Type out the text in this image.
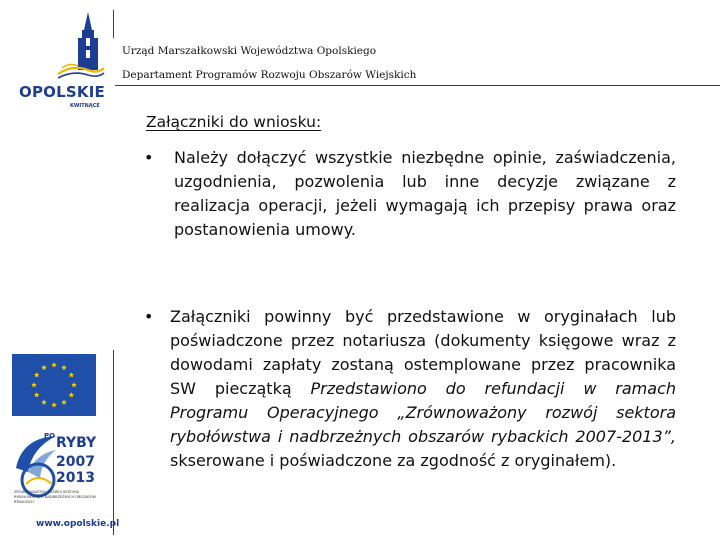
OPOLSKIE
KWITNĄCE
Urząd Marszałkowski Województwa Opolskiego
Departament Programów Rozwoju Obszarów Wiejskich
Załączniki do wniosku:
• Należy dołączyć wszystkie niezbędne opinie, zaświadczenia, uzgodnienia, pozwolenia lub inne decyzje związane z realizacja operacji, jeżeli wymagają ich przepisy prawa oraz postanowienia umowy.

• Załączniki powinny być przedstawione w oryginałach lub poświadczone przez notariusza (dokumenty księgowe wraz z dowodami zapłaty zostaną ostemplowane przez pracownika SW pieczątką Przedstawiono do refundacji w ramach Programu Operacyjnego „Zrównoważony rozwój sektora rybołówstwa i nadbrzeżnych obszarów rybackich 2007-2013”, skserowane i poświadczone za zgodność z oryginałem).

PO RYBY
2007
2013
ZRÓWNOWAŻONY ROZWÓJ SEKTORA RYBOŁÓWSTWA I NADBRZEŻNYCH OBSZARÓW RYBACKICH
www.opolskie.pl
